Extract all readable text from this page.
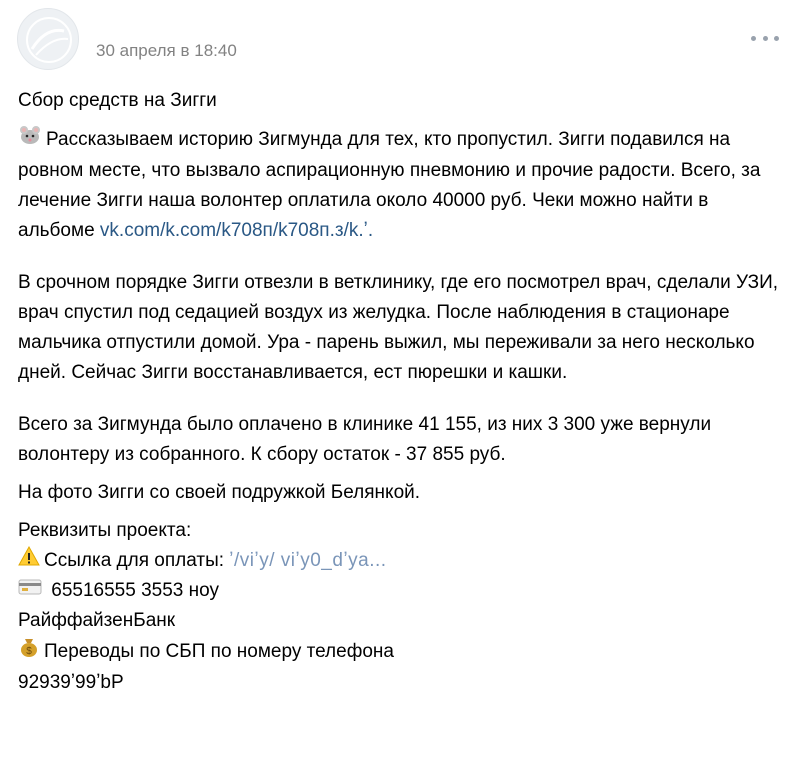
30 апреля в 18:40

Сбор средств на Зигги

Рассказываем историю Зигмунда для тех, кто пропустил. Зигги подавился на ровном месте, что вызвало аспирационную пневмонию и прочие радости. Всего, за лечение Зигги наша волонтер оплатила около 40000 руб. Чеки можно найти в альбоме vk.com/k.com/k708п/k708п.з/k.ʼ.

В срочном порядке Зигги отвезли в ветклинику, где его посмотрел врач, сделали УЗИ, врач спустил под седацией воздух из желудка. После наблюдения в стационаре мальчика отпустили домой. Ура - парень выжил, мы переживали за него несколько дней. Сейчас Зигги восстанавливается, ест пюрешки и кашки.

Всего за Зигмунда было оплачено в клинике 41 155, из них 3 300 уже вернули волонтеру из собранного. К сбору остаток - 37 855 руб.

На фото Зигги со своей подружкой Белянкой.

Реквизиты проекта:

Ссылка для оплаты: ʼ/viʼy/ viʼy0_dʼya...

65516555 3553 ноу

РайффайзенБанк

$ Переводы по СБП по номеру телефона

92939ʼ99ʼbP
